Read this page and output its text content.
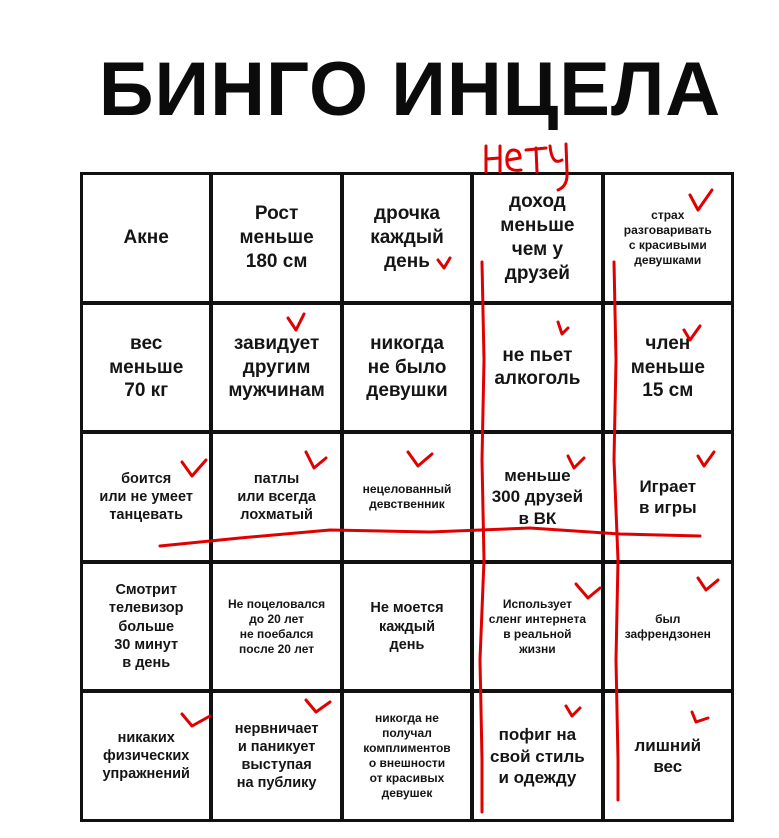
БИНГО ИНЦЕЛА
Акне
Рост
меньше
180 см
дрочка
каждый
день
доход
меньше
чем у
друзей
страх
разговаривать
с красивыми
девушками
вес
меньше
70 кг
завидует
другим
мужчинам
никогда
не было
девушки
не пьет
алкоголь
член
меньше
15 см
боится
или не умеет
танцевать
патлы
или всегда
лохматый
нецелованный
девственник
меньше
300 друзей
в ВК
Играет
в игры
Смотрит
телевизор
больше
30 минут
в день
Не поцеловался
до 20 лет
не поебался
после 20 лет
Не моется
каждый
день
Использует
сленг интернета
в реальной
жизни
был
зафрендзонен
никаких
физических
упражнений
нервничает
и паникует
выступая
на публику
никогда не
получал
комплиментов
о внешности
от красивых
девушек
пофиг на
свой стиль
и одежду
лишний
вес
